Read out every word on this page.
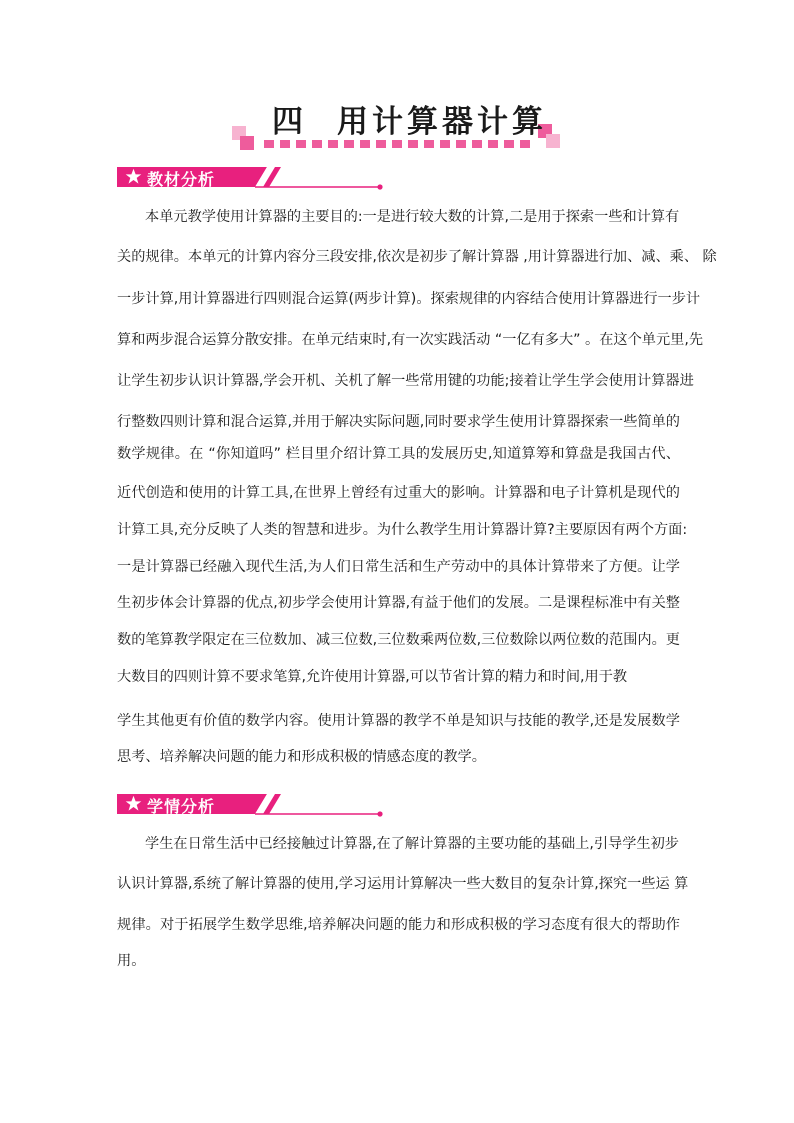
四 用计算器计算
教材分析
本单元教学使用计算器的主要目的:一是进行较大数的计算,二是用于探索一些和计算有
关的规律。本单元的计算内容分三段安排,依次是初步了解计算器 ,用计算器进行加、减、乘、 除
一步计算,用计算器进行四则混合运算(两步计算)。探索规律的内容结合使用计算器进行一步计
算和两步混合运算分散安排。在单元结束时,有一次实践活动 “一亿有多大” 。在这个单元里,先
让学生初步认识计算器,学会开机、关机了解一些常用键的功能;接着让学生学会使用计算器进
行整数四则计算和混合运算,并用于解决实际问题,同时要求学生使用计算器探索一些简单的
数学规律。在 “你知道吗” 栏目里介绍计算工具的发展历史,知道算筹和算盘是我国古代、
近代创造和使用的计算工具,在世界上曾经有过重大的影响。计算器和电子计算机是现代的
计算工具,充分反映了人类的智慧和进步。为什么教学生用计算器计算?主要原因有两个方面:
一是计算器已经融入现代生活,为人们日常生活和生产劳动中的具体计算带来了方便。让学
生初步体会计算器的优点,初步学会使用计算器,有益于他们的发展。二是课程标准中有关整
数的笔算教学限定在三位数加、减三位数,三位数乘两位数,三位数除以两位数的范围内。更
大数目的四则计算不要求笔算,允许使用计算器,可以节省计算的精力和时间,用于教
学生其他更有价值的数学内容。使用计算器的教学不单是知识与技能的教学,还是发展数学
思考、培养解决问题的能力和形成积极的情感态度的教学。
学情分析
学生在日常生活中已经接触过计算器,在了解计算器的主要功能的基础上,引导学生初步
认识计算器,系统了解计算器的使用,学习运用计算解决一些大数目的复杂计算,探究一些运 算
规律。对于拓展学生数学思维,培养解决问题的能力和形成积极的学习态度有很大的帮助作
用。
